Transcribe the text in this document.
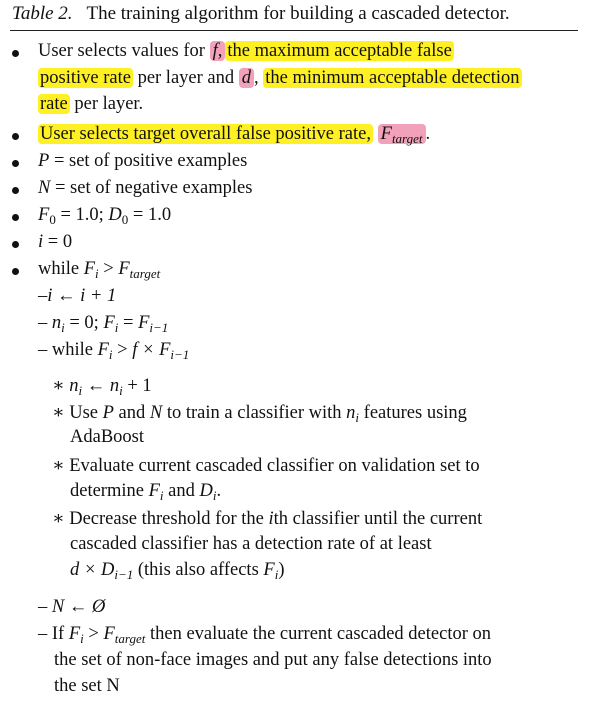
Table 2. The training algorithm for building a cascaded detector.
User selects values for f, the maximum acceptable false
positive rate per layer and d , the minimum acceptable detection
rate per layer.
User selects target overall false positive rate, $F_{target}$ .
P = set of positive examples
N = set of negative examples
$F_0 = 1.0$; $D_0 = 1.0$
i = 0
while $F_i > F_{target}$
–i ← i + 1
– $n_i = 0$; $F_i = F_{i-1}$
– while $F_i > f \times F_{i-1}$
∗ $n_i$ ← $n_i + 1$
∗ Use P and N to train a classifier with $n_i$ features using
AdaBoost
∗ Evaluate current cascaded classifier on validation set to
determine $F_i$ and $D_i$.
∗ Decrease threshold for the ith classifier until the current
cascaded classifier has a detection rate of at least
$d \times D_{i-1}$ (this also affects $F_i$)
– N ← Ø
– If $F_i > F_{target}$ then evaluate the current cascaded detector on
the set of non-face images and put any false detections into
the set N
